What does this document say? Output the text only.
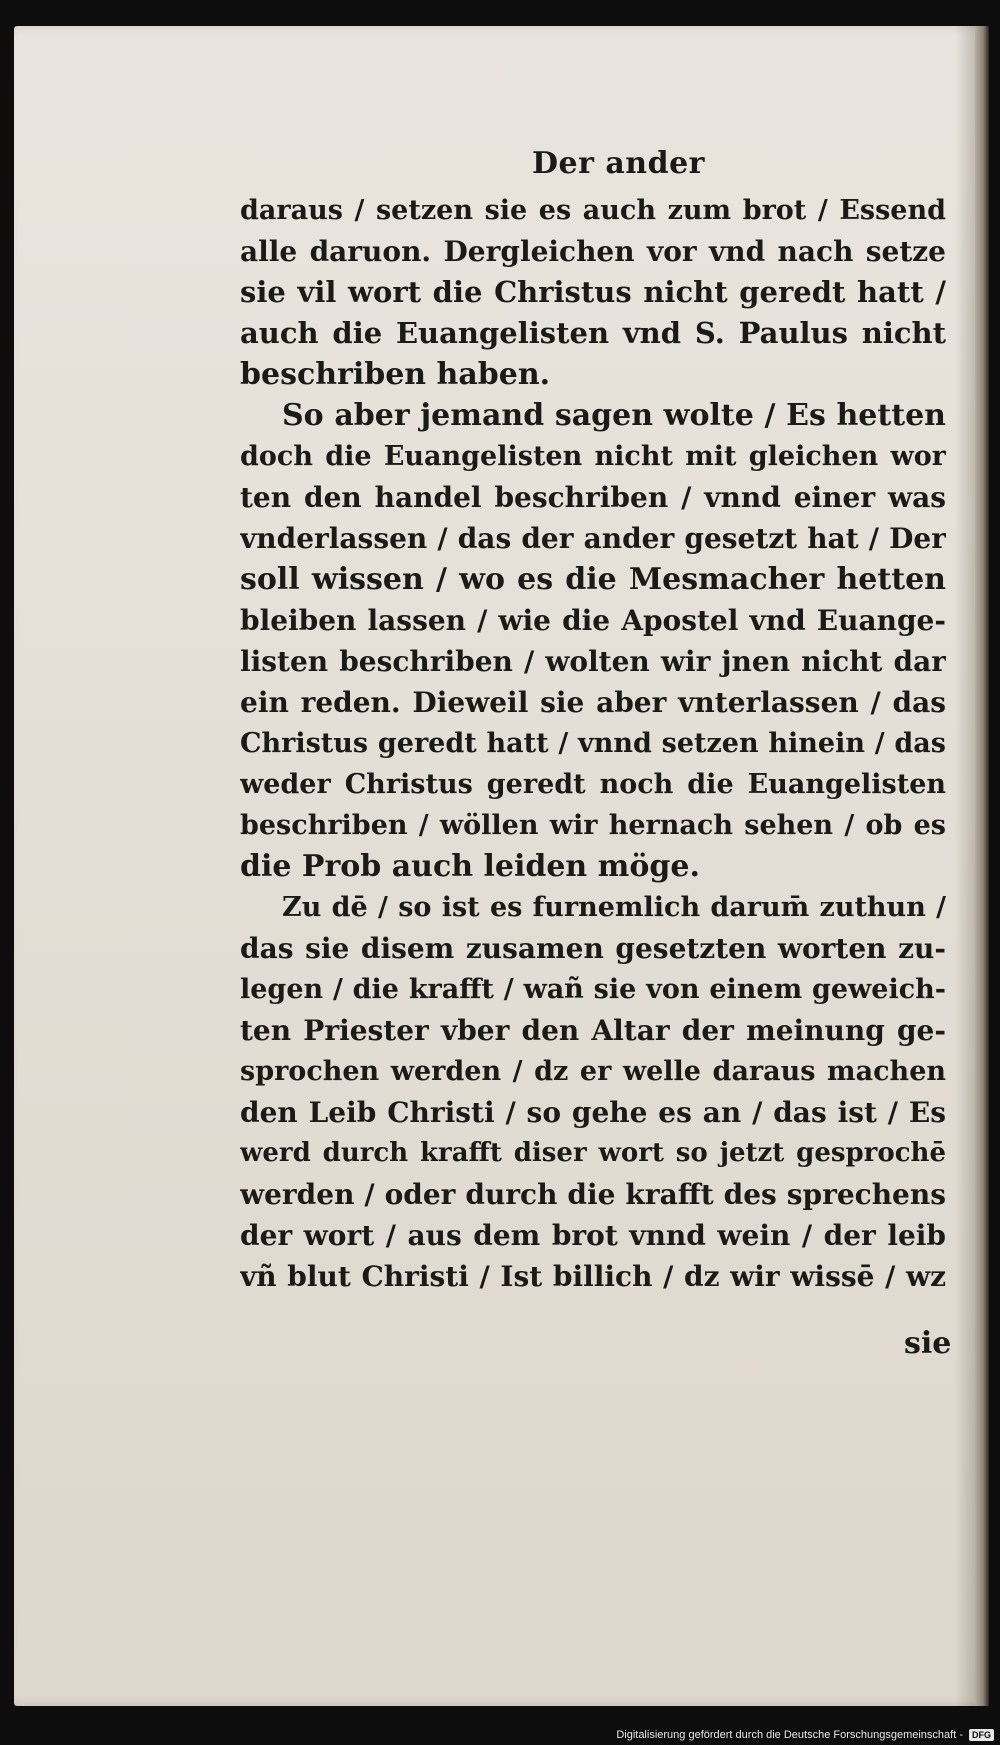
Der ander
daraus / setzen sie es auch zum brot / Essend
alle daruon. Dergleichen vor vnd nach setze
sie vil wort die Christus nicht geredt hatt /
auch die Euangelisten vnd S. Paulus nicht
beschriben haben.
So aber jemand sagen wolte / Es hetten
doch die Euangelisten nicht mit gleichen wor
ten den handel beschriben / vnnd einer was
vnderlassen / das der ander gesetzt hat / Der
soll wissen / wo es die Mesmacher hetten
bleiben lassen / wie die Apostel vnd Euange-
listen beschriben / wolten wir jnen nicht dar
ein reden. Dieweil sie aber vnterlassen / das
Christus geredt hatt / vnnd setzen hinein / das
weder Christus geredt noch die Euangelisten
beschriben / wöllen wir hernach sehen / ob es
die Prob auch leiden möge.
Zu dē / so ist es furnemlich darum̄ zuthun /
das sie disem zusamen gesetzten worten zu-
legen / die krafft / wañ sie von einem geweich-
ten Priester vber den Altar der meinung ge-
sprochen werden / dz er welle daraus machen
den Leib Christi / so gehe es an / das ist / Es
werd durch krafft diser wort so jetzt gesprochē
werden / oder durch die krafft des sprechens
der wort / aus dem brot vnnd wein / der leib
vñ blut Christi / Ist billich / dz wir wissē / wz
sie
Digitalisierung gefördert durch die Deutsche Forschungsgemeinschaft -	DFG
